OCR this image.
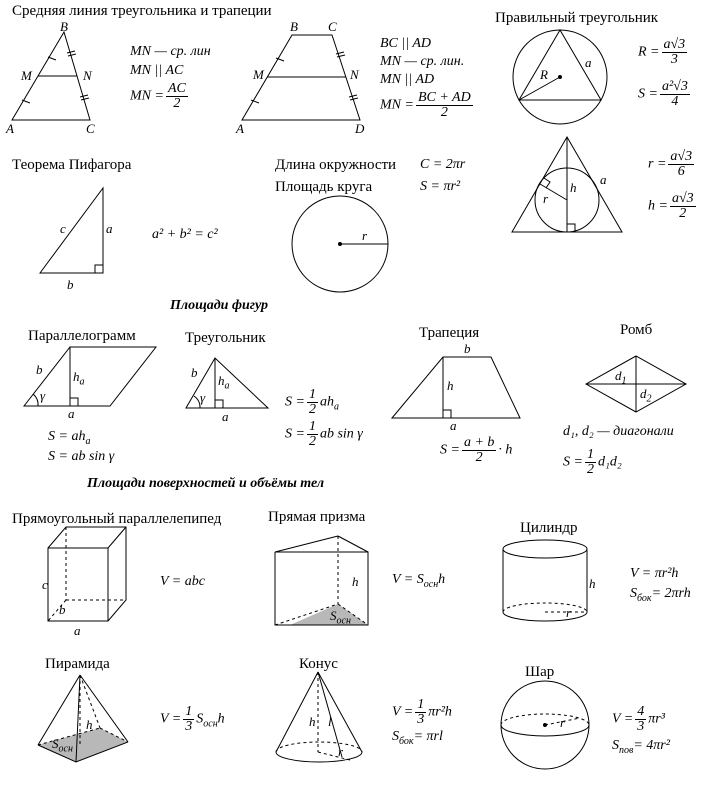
Средняя линия треугольника и трапеции	Правильный треугольник
Теорема Пифагора	Длина окружности
Площадь круга
Площади фигур
Параллелограмм	Треугольник	Трапеция	Ромб
Площади поверхностей и объёмы тел
Прямоугольный параллелепипед	Прямая призма
Цилиндр
Пирамида	Конус	Шар
B
M	N
A	C
MN — ср. лин
MN || AC
MN = $\frac{AC}{2}$
B C
M	N
A	D
BC || AD
MN — ср. лин.
MN || AD
MN = $\frac{BC + AD}{2}$
R
a
$R = \frac{a√3}{3}$
$S = \frac{\text{a²√3}}{4}$
h
r
a
$r = \frac{a√3}{6}$
$h = \frac{a√3}{2}$
c	a
b
a² + b² = c²
C = 2πr
S = πr²
r
b $h_a$
γ
a
$S = ah_a$
S = ab sin γ
b
$h_a$
γ
a
$S = \frac{1}{2} ah_a$
$S = \frac{1}{2}$ ab sin γ
b
h
a
$S = \frac{a + b}{2} \cdot h$
$d_1$
$d_2$
d₁, d₂ — диагонали
$S = \frac{1}{2} d_1d_2$
c
b
a
V = abc	h
$S_{осн}$
$V = S_{осн}h$	h
r
V = πr²h
$S_{бок}= 2\pi rh$
h
$S_{осн}$
$V = \frac{1}{3} S_{осн}h$	h l
r
$V = \frac{1}{3} \pi r^2h$
$S_{бок}= \pi rl$
r	$V = \frac{4}{3} \pi r^3$
$S_{пов}= 4\pi r^2$
